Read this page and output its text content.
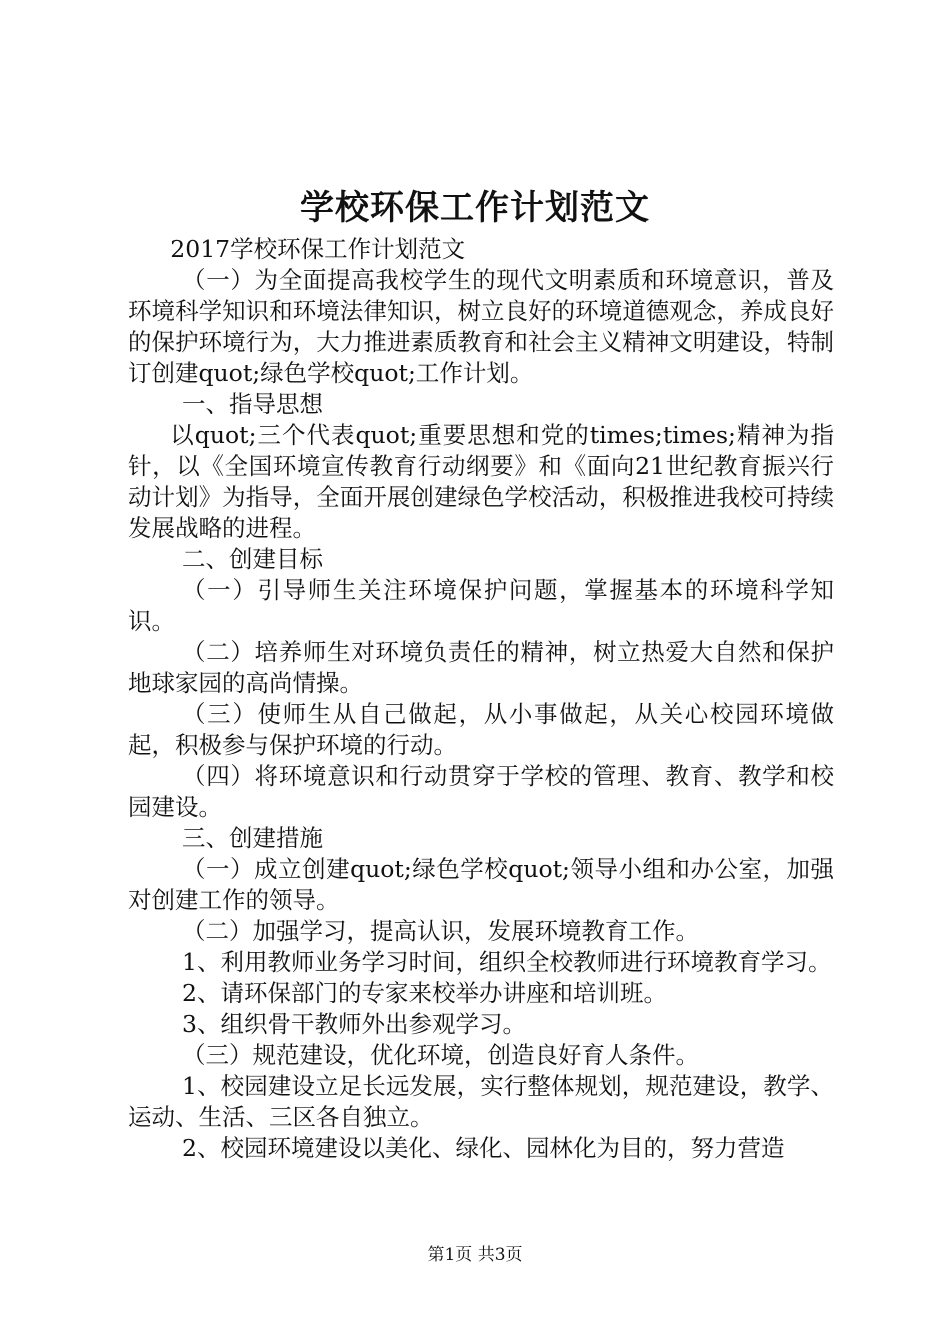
学校环保工作计划范文

2017学校环保工作计划范文

（一）为全面提高我校学生的现代文明素质和环境意识，普及环境科学知识和环境法律知识，树立良好的环境道德观念，养成良好的保护环境行为，大力推进素质教育和社会主义精神文明建设，特制订创建quot;绿色学校quot;工作计划。

一、指导思想

以quot;三个代表quot;重要思想和党的times;times;精神为指针，以《全国环境宣传教育行动纲要》和《面向21世纪教育振兴行动计划》为指导，全面开展创建绿色学校活动，积极推进我校可持续发展战略的进程。

二、创建目标

（一）引导师生关注环境保护问题，掌握基本的环境科学知识。

（二）培养师生对环境负责任的精神，树立热爱大自然和保护地球家园的高尚情操。

（三）使师生从自己做起，从小事做起，从关心校园环境做起，积极参与保护环境的行动。

（四）将环境意识和行动贯穿于学校的管理、教育、教学和校园建设。

三、创建措施

（一）成立创建quot;绿色学校quot;领导小组和办公室，加强对创建工作的领导。

（二）加强学习，提高认识，发展环境教育工作。

1、利用教师业务学习时间，组织全校教师进行环境教育学习。

2、请环保部门的专家来校举办讲座和培训班。

3、组织骨干教师外出参观学习。

（三）规范建设，优化环境，创造良好育人条件。

1、校园建设立足长远发展，实行整体规划，规范建设，教学、运动、生活、三区各自独立。

2、校园环境建设以美化、绿化、园林化为目的，努力营造

第1页 共3页
